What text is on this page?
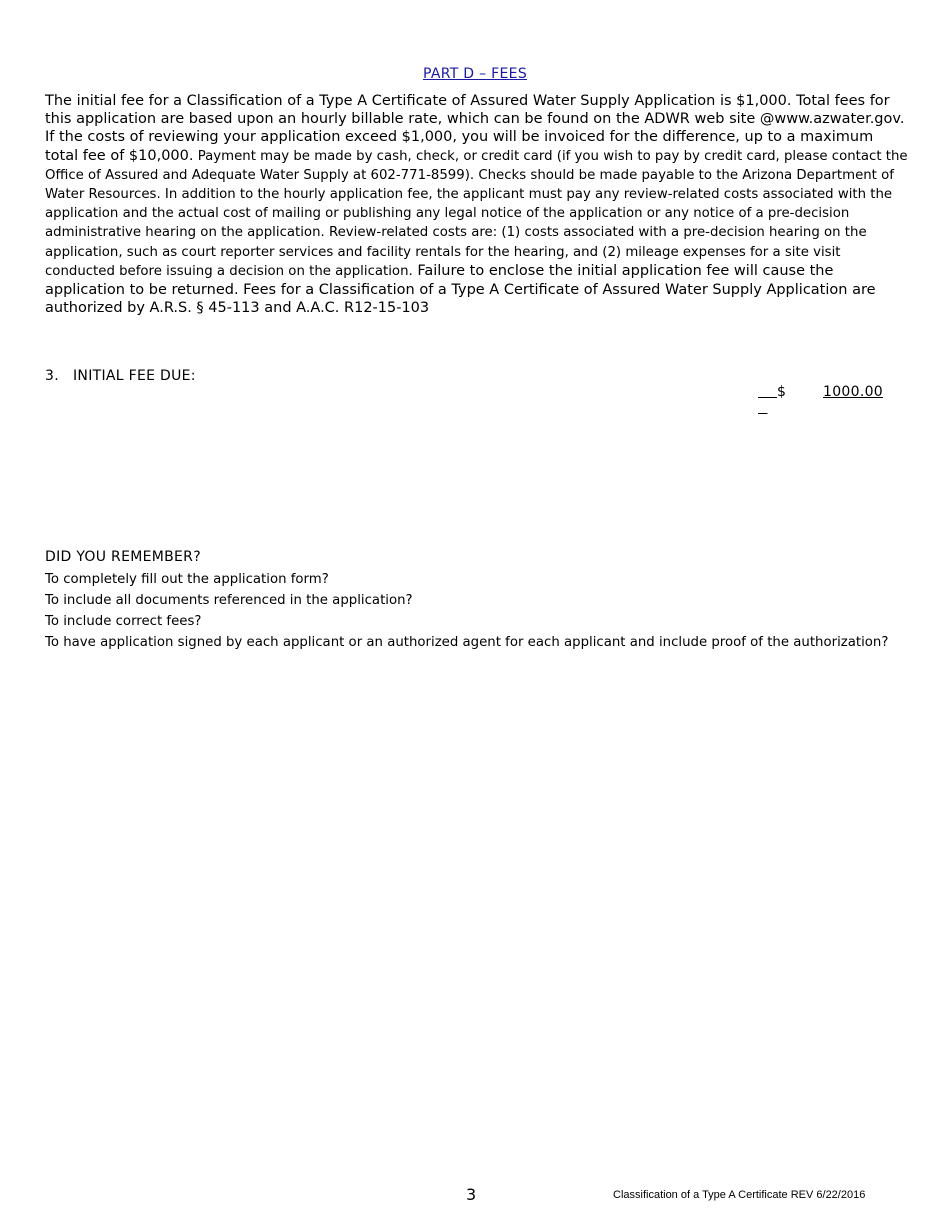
PART D – FEES
The initial fee for a Classification of a Type A Certificate of Assured Water Supply Application is $1,000. Total fees for this application are based upon an hourly billable rate, which can be found on the ADWR web site @www.azwater.gov. If the costs of reviewing your application exceed $1,000, you will be invoiced for the difference, up to a maximum total fee of $10,000. Payment may be made by cash, check, or credit card (if you wish to pay by credit card, please contact the Office of Assured and Adequate Water Supply at 602-771-8599). Checks should be made payable to the Arizona Department of Water Resources. In addition to the hourly application fee, the applicant must pay any review-related costs associated with the application and the actual cost of mailing or publishing any legal notice of the application or any notice of a pre-decision administrative hearing on the application. Review-related costs are: (1) costs associated with a pre-decision hearing on the application, such as court reporter services and facility rentals for the hearing, and (2) mileage expenses for a site visit conducted before issuing a decision on the application. Failure to enclose the initial application fee will cause the application to be returned. Fees for a Classification of a Type A Certificate of Assured Water Supply Application are authorized by A.R.S. § 45-113 and A.A.C. R12-15-103
3. INITIAL FEE DUE:

$	1000.00

DID YOU REMEMBER?
To completely fill out the application form?
To include all documents referenced in the application?
To include correct fees?
To have application signed by each applicant or an authorized agent for each applicant and include proof of the authorization?
3	Classification of a Type A Certificate REV 6/22/2016
